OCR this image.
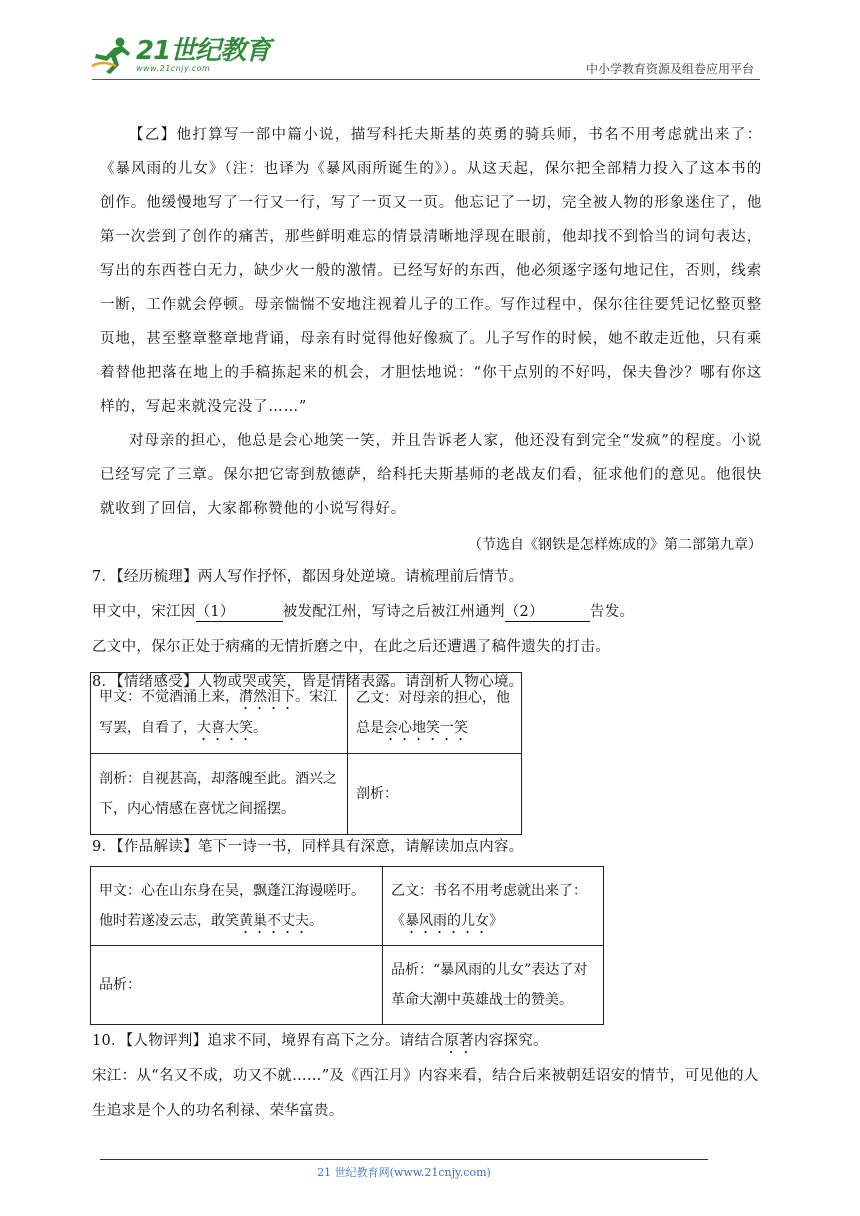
21世纪教育
www.21cnjy.com	中小学教育资源及组卷应用平台

【乙】他打算写一部中篇小说，描写科托夫斯基的英勇的骑兵师，书名不用考虑就出来了：《暴风雨的儿女》（注：也译为《暴风雨所诞生的》）。从这天起，保尔把全部精力投入了这本书的创作。他缓慢地写了一行又一行，写了一页又一页。他忘记了一切，完全被人物的形象迷住了，他第一次尝到了创作的痛苦，那些鲜明难忘的情景清晰地浮现在眼前，他却找不到恰当的词句表达，写出的东西苍白无力，缺少火一般的激情。已经写好的东西，他必须逐字逐句地记住，否则，线索一断，工作就会停顿。母亲惴惴不安地注视着儿子的工作。写作过程中，保尔往往要凭记忆整页整页地，甚至整章整章地背诵，母亲有时觉得他好像疯了。儿子写作的时候，她不敢走近他，只有乘着替他把落在地上的手稿拣起来的机会，才胆怯地说：“你干点别的不好吗，保夫鲁沙？哪有你这样的，写起来就没完没了……”

对母亲的担心，他总是会心地笑一笑，并且告诉老人家，他还没有到完全“发疯”的程度。小说已经写完了三章。保尔把它寄到敖德萨，给科托夫斯基师的老战友们看，征求他们的意见。他很快就收到了回信，大家都称赞他的小说写得好。

（节选自《钢铁是怎样炼成的》第二部第九章）

7．【经历梳理】两人写作抒怀，都因身处逆境。请梳理前后情节。

甲文中，宋江因（1）	被发配江州，写诗之后被江州通判（2）	告发。

乙文中，保尔正处于病痛的无情折磨之中，在此之后还遭遇了稿件遗失的打击。

8．【情绪感受】人物或哭或笑，皆是情绪表露。请剖析人物心境。

甲文：不觉酒涌上来，潸然泪下。宋江写罢，自看了，大喜大笑。	乙文：对母亲的担心，他总是会心地笑一笑
剖析：自视甚高，却落魄至此。酒兴之下，内心情感在喜忧之间摇摆。	剖析：

9．【作品解读】笔下一诗一书，同样具有深意，请解读加点内容。

甲文：心在山东身在吴，飘蓬江海谩嗟吁。他时若遂凌云志，敢笑黄巢不丈夫。	乙文：书名不用考虑就出来了：《暴风雨的儿女》
品析：	品析：“暴风雨的儿女”表达了对革命大潮中英雄战士的赞美。

10．【人物评判】追求不同，境界有高下之分。请结合原著内容探究。

宋江：从“名又不成，功又不就……”及《西江月》内容来看，结合后来被朝廷诏安的情节，可见他的人生追求是个人的功名利禄、荣华富贵。

21 世纪教育网(www.21cnjy.com)
